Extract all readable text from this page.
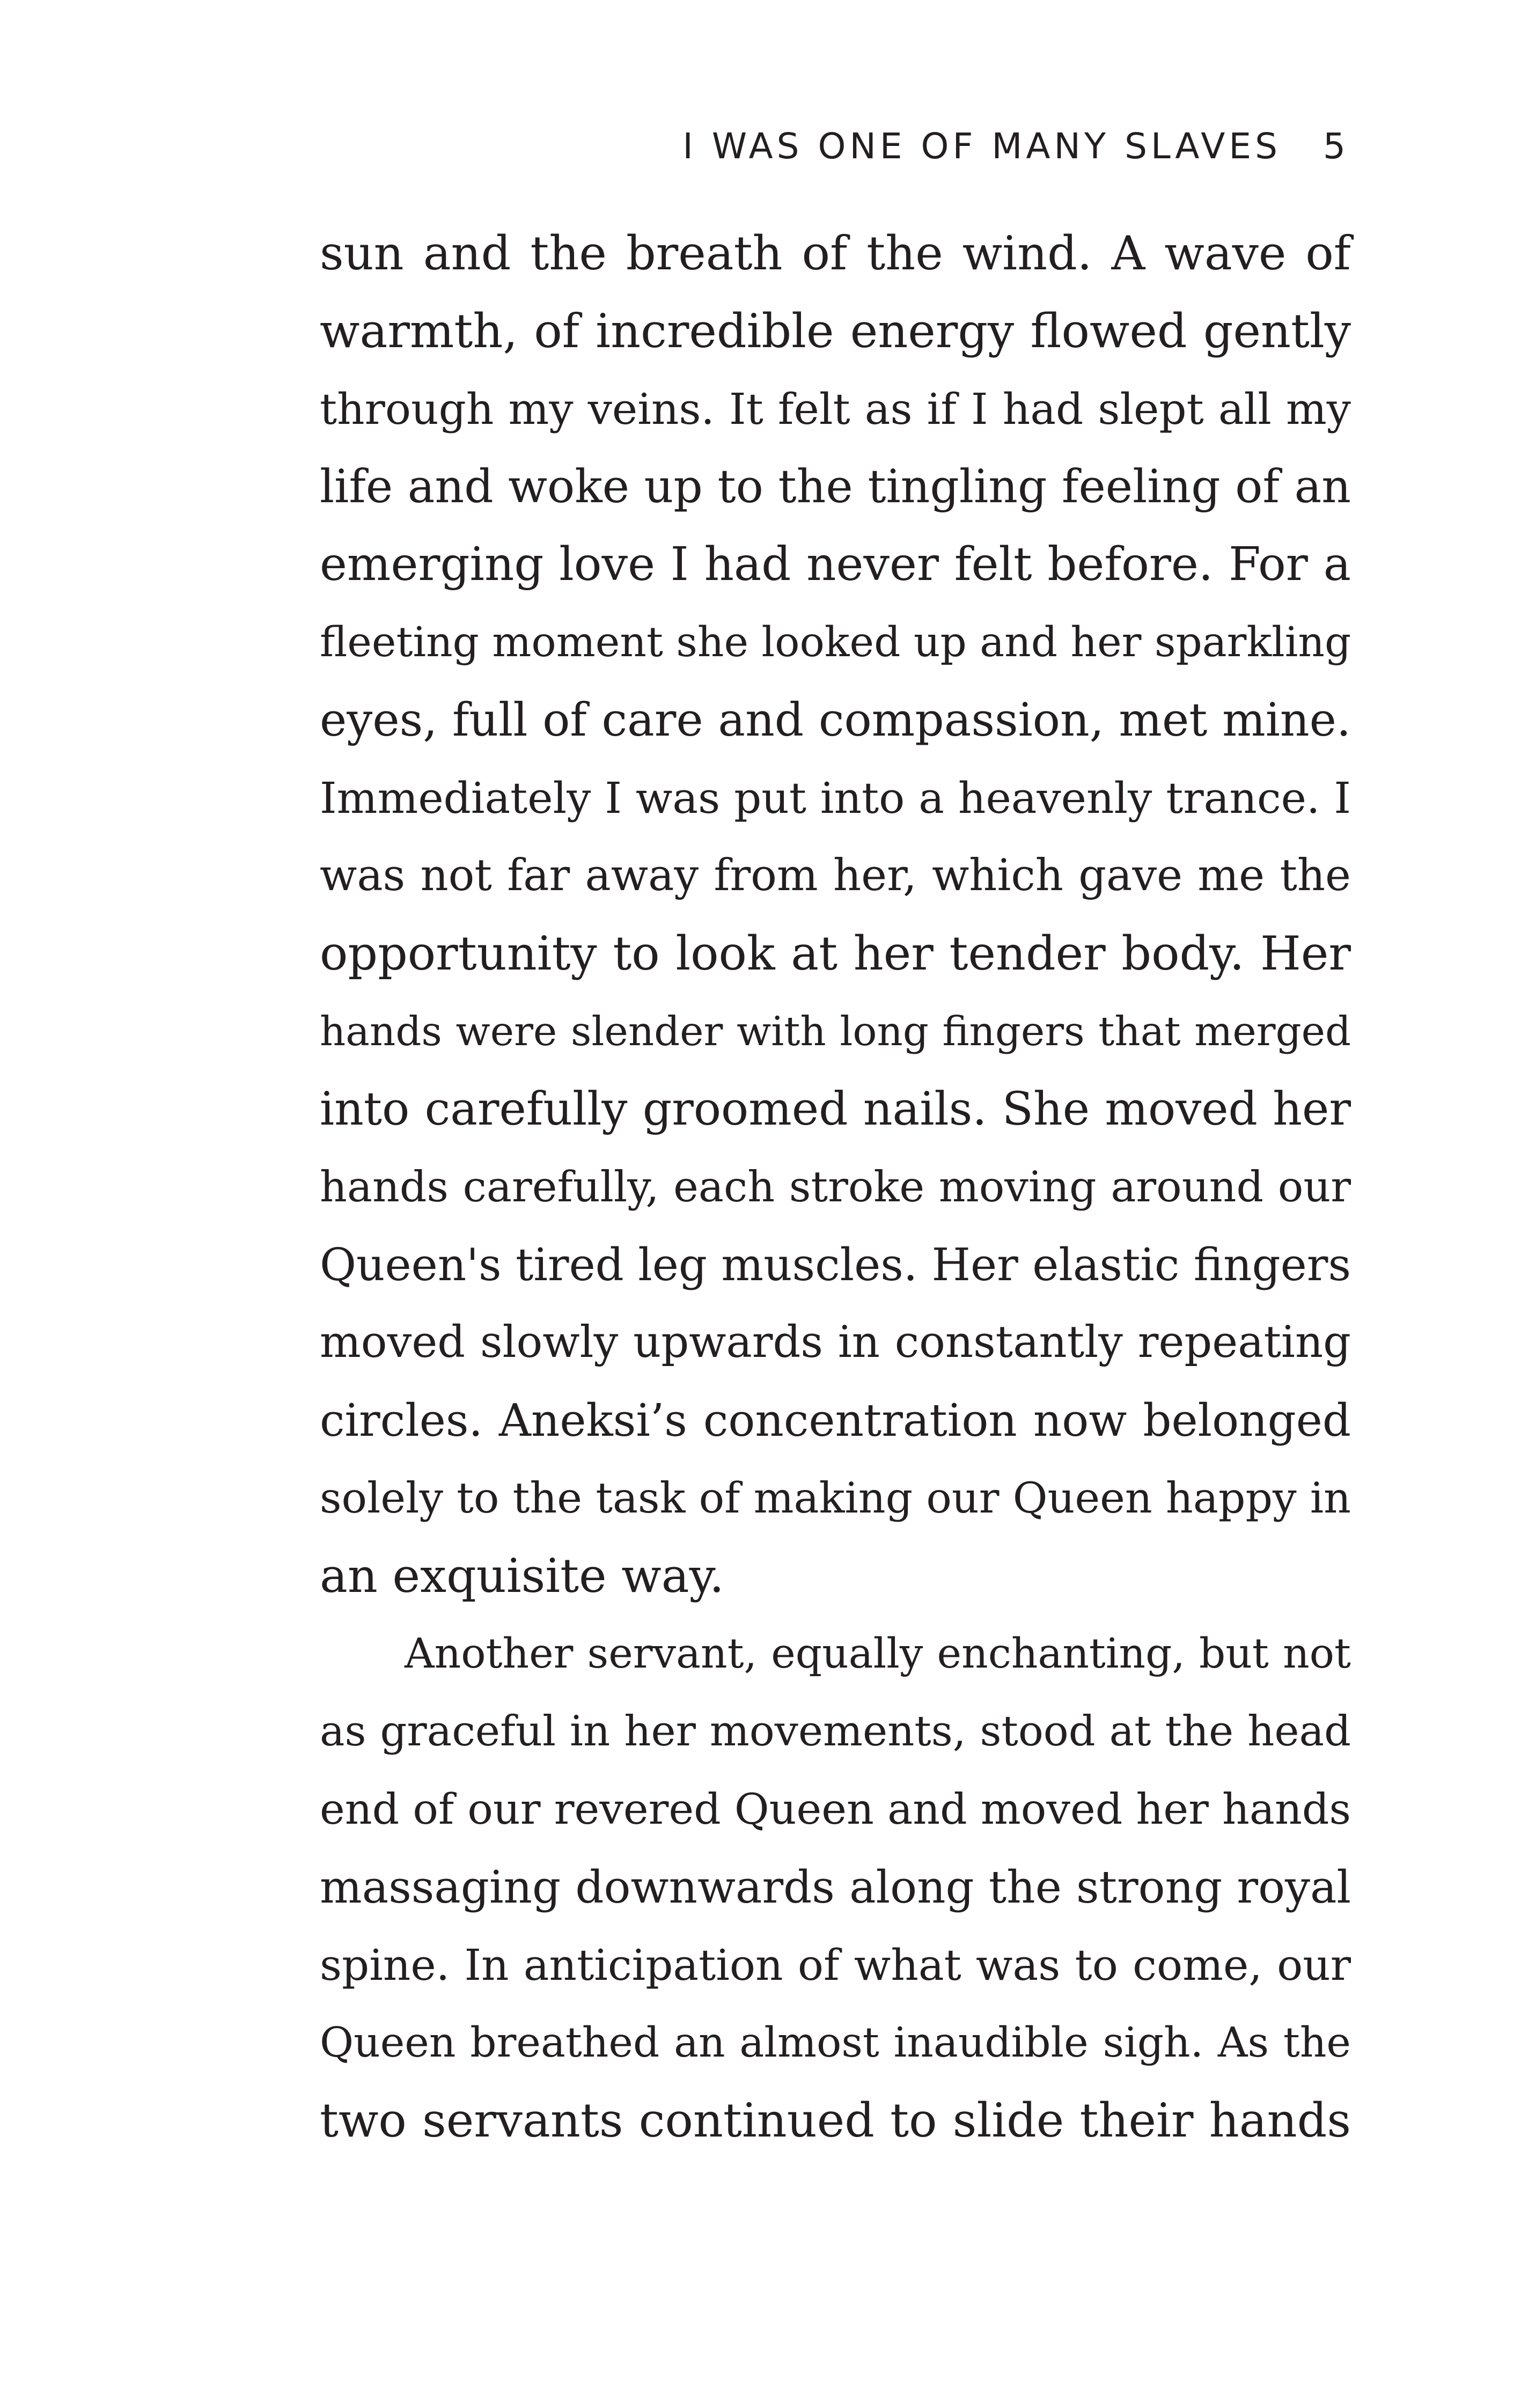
I WAS ONE OF MANY SLAVES 5
sun and the breath of the wind. A wave of
warmth, of incredible energy flowed gently
through my veins. It felt as if I had slept all my
life and woke up to the tingling feeling of an
emerging love I had never felt before. For a
fleeting moment she looked up and her sparkling
eyes, full of care and compassion, met mine.
Immediately I was put into a heavenly trance. I
was not far away from her, which gave me the
opportunity to look at her tender body. Her
hands were slender with long fingers that merged
into carefully groomed nails. She moved her
hands carefully, each stroke moving around our
Queen's tired leg muscles. Her elastic fingers
moved slowly upwards in constantly repeating
circles. Aneksi’s concentration now belonged
solely to the task of making our Queen happy in
an exquisite way.
Another servant, equally enchanting, but not
as graceful in her movements, stood at the head
end of our revered Queen and moved her hands
massaging downwards along the strong royal
spine. In anticipation of what was to come, our
Queen breathed an almost inaudible sigh. As the
two servants continued to slide their hands
